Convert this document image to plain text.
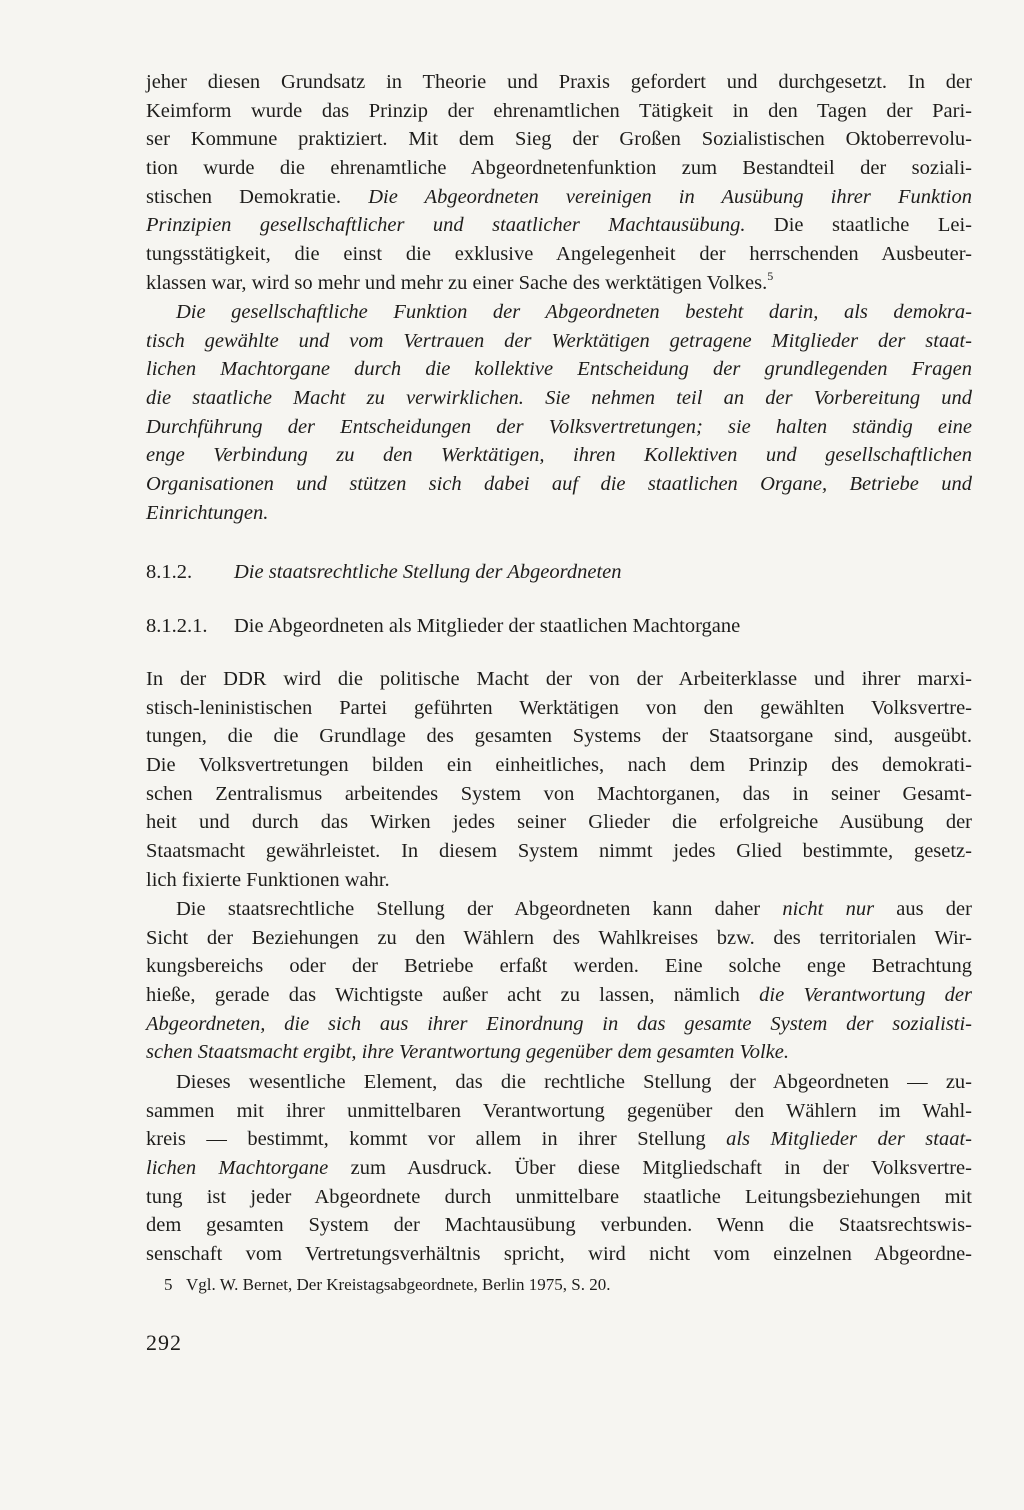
jeher diesen Grundsatz in Theorie und Praxis gefordert und durchgesetzt. In der
Keimform wurde das Prinzip der ehrenamtlichen Tätigkeit in den Tagen der Pari-
ser Kommune praktiziert. Mit dem Sieg der Großen Sozialistischen Oktoberrevolu-
tion wurde die ehrenamtliche Abgeordnetenfunktion zum Bestandteil der soziali-
stischen Demokratie. Die Abgeordneten vereinigen in Ausübung ihrer Funktion
Prinzipien gesellschaftlicher und staatlicher Machtausübung. Die staatliche Lei-
tungsstätigkeit, die einst die exklusive Angelegenheit der herrschenden Ausbeuter-
klassen war, wird so mehr und mehr zu einer Sache des werktätigen Volkes.$^5$
Die gesellschaftliche Funktion der Abgeordneten besteht darin, als demokra-
tisch gewählte und vom Vertrauen der Werktätigen getragene Mitglieder der staat-
lichen Machtorgane durch die kollektive Entscheidung der grundlegenden Fragen
die staatliche Macht zu verwirklichen. Sie nehmen teil an der Vorbereitung und
Durchführung der Entscheidungen der Volksvertretungen; sie halten ständig eine
enge Verbindung zu den Werktätigen, ihren Kollektiven und gesellschaftlichen
Organisationen und stützen sich dabei auf die staatlichen Organe, Betriebe und
Einrichtungen.
8.1.2. Die staatsrechtliche Stellung der Abgeordneten
8.1.2.1. Die Abgeordneten als Mitglieder der staatlichen Machtorgane
In der DDR wird die politische Macht der von der Arbeiterklasse und ihrer marxi-
stisch-leninistischen Partei geführten Werktätigen von den gewählten Volksvertre-
tungen, die die Grundlage des gesamten Systems der Staatsorgane sind, ausgeübt.
Die Volksvertretungen bilden ein einheitliches, nach dem Prinzip des demokrati-
schen Zentralismus arbeitendes System von Machtorganen, das in seiner Gesamt-
heit und durch das Wirken jedes seiner Glieder die erfolgreiche Ausübung der
Staatsmacht gewährleistet. In diesem System nimmt jedes Glied bestimmte, gesetz-
lich fixierte Funktionen wahr.
Die staatsrechtliche Stellung der Abgeordneten kann daher nicht nur aus der
Sicht der Beziehungen zu den Wählern des Wahlkreises bzw. des territorialen Wir-
kungsbereichs oder der Betriebe erfaßt werden. Eine solche enge Betrachtung
hieße, gerade das Wichtigste außer acht zu lassen, nämlich die Verantwortung der
Abgeordneten, die sich aus ihrer Einordnung in das gesamte System der sozialisti-
schen Staatsmacht ergibt, ihre Verantwortung gegenüber dem gesamten Volke.
Dieses wesentliche Element, das die rechtliche Stellung der Abgeordneten — zu-
sammen mit ihrer unmittelbaren Verantwortung gegenüber den Wählern im Wahl-
kreis — bestimmt, kommt vor allem in ihrer Stellung als Mitglieder der staat-
lichen Machtorgane zum Ausdruck. Über diese Mitgliedschaft in der Volksvertre-
tung ist jeder Abgeordnete durch unmittelbare staatliche Leitungsbeziehungen mit
dem gesamten System der Machtausübung verbunden. Wenn die Staatsrechtswis-
senschaft vom Vertretungsverhältnis spricht, wird nicht vom einzelnen Abgeordne-
5 Vgl. W. Bernet, Der Kreistagsabgeordnete, Berlin 1975, S. 20.
292
